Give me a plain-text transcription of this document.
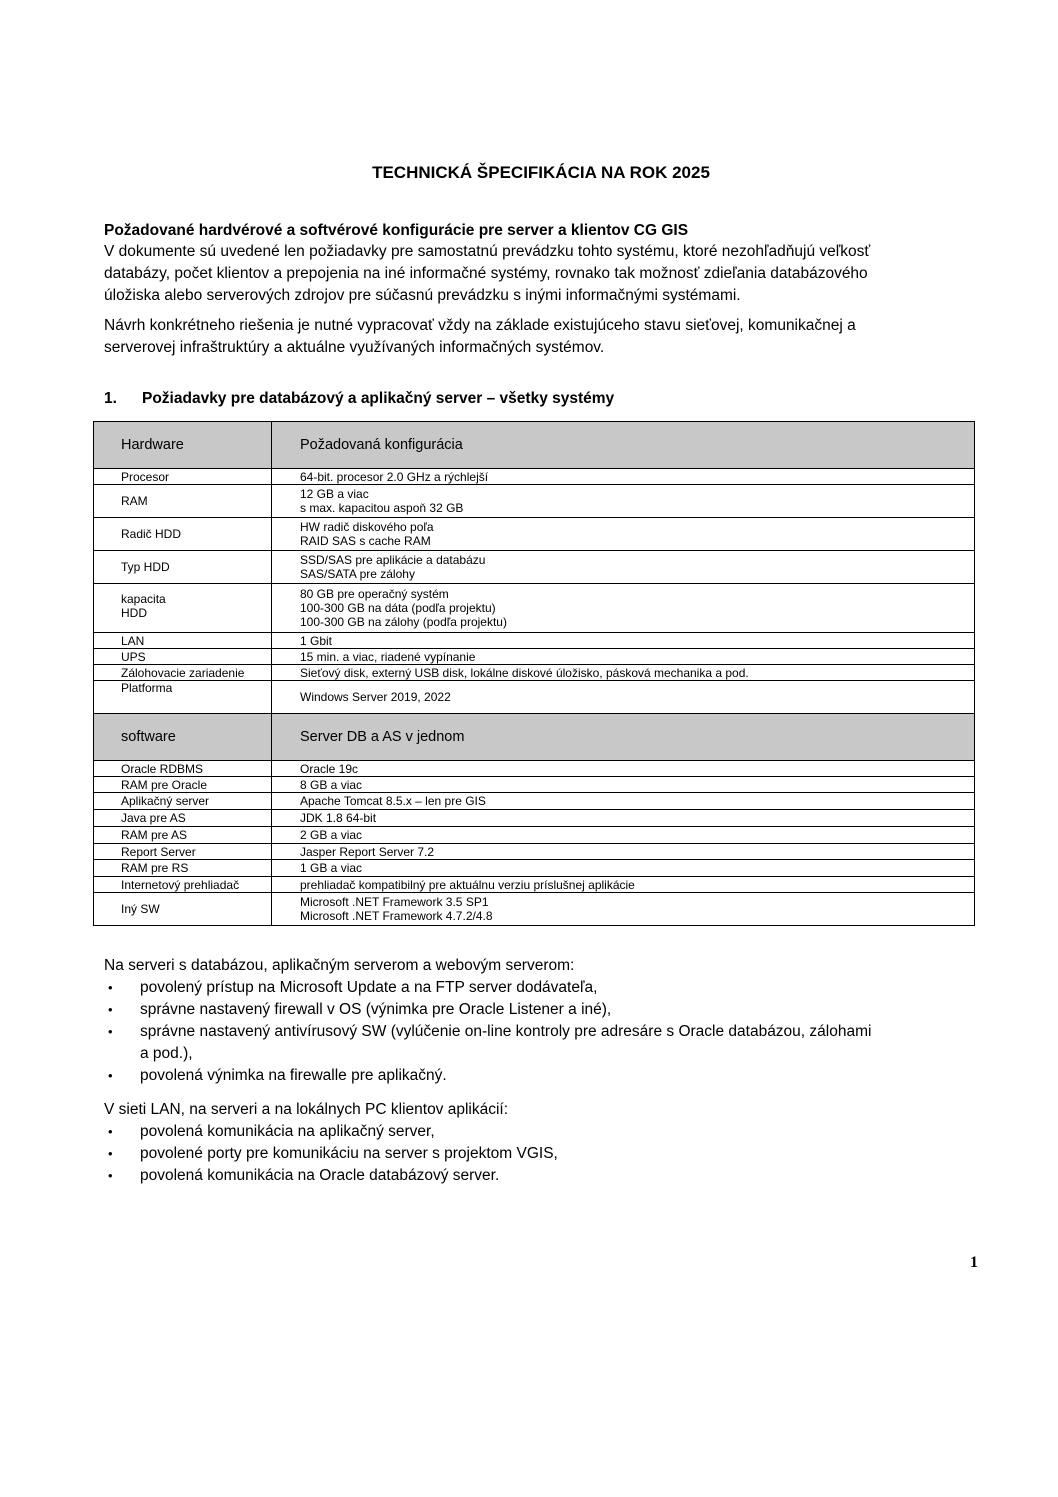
TECHNICKÁ ŠPECIFIKÁCIA NA ROK 2025
Požadované hardvérové a softvérové konfigurácie pre server a klientov CG GIS
V dokumente sú uvedené len požiadavky pre samostatnú prevádzku tohto systému, ktoré nezohľadňujú veľkosť
databázy, počet klientov a prepojenia na iné informačné systémy, rovnako tak možnosť zdieľania databázového
úložiska alebo serverových zdrojov pre súčasnú prevádzku s inými informačnými systémami.
Návrh konkrétneho riešenia je nutné vypracovať vždy na základe existujúceho stavu sieťovej, komunikačnej a
serverovej infraštruktúry a aktuálne využívaných informačných systémov.
1. Požiadavky pre databázový a aplikačný server – všetky systémy
Hardware	Požadovaná konfigurácia
Procesor	64-bit. procesor 2.0 GHz a rýchlejší

RAM	12 GB a viac
s max. kapacitou aspoň 32 GB

Radič HDD	HW radič diskového poľa
RAID SAS s cache RAM

Typ HDD	SSD/SAS pre aplikácie a databázu
SAS/SATA pre zálohy

kapacita
HDD	80 GB pre operačný systém
100-300 GB na dáta (podľa projektu)
100-300 GB na zálohy (podľa projektu)

LAN	1 Gbit

UPS	15 min. a viac, riadené vypínanie

Zálohovacie zariadenie	Sieťový disk, externý USB disk, lokálne diskové úložisko, pásková mechanika a pod.

Platforma	Windows Server 2019, 2022

software	Server DB a AS v jednom
Oracle RDBMS	Oracle 19c

RAM pre Oracle	8 GB a viac

Aplikačný server	Apache Tomcat 8.5.x – len pre GIS

Java pre AS	JDK 1.8 64-bit

RAM pre AS	2 GB a viac

Report Server	Jasper Report Server 7.2

RAM pre RS	1 GB a viac

Internetový prehliadač	prehliadač kompatibilný pre aktuálnu verziu príslušnej aplikácie

Iný SW	Microsoft .NET Framework 3.5 SP1
Microsoft .NET Framework 4.7.2/4.8
Na serveri s databázou, aplikačným serverom a webovým serverom:
• povolený prístup na Microsoft Update a na FTP server dodávateľa,
• správne nastavený firewall v OS (výnimka pre Oracle Listener a iné),
• správne nastavený antivírusový SW (vylúčenie on-line kontroly pre adresáre s Oracle databázou, zálohami
a pod.),
• povolená výnimka na firewalle pre aplikačný.
V sieti LAN, na serveri a na lokálnych PC klientov aplikácií:
• povolená komunikácia na aplikačný server,
• povolené porty pre komunikáciu na server s projektom VGIS,
• povolená komunikácia na Oracle databázový server.
1
